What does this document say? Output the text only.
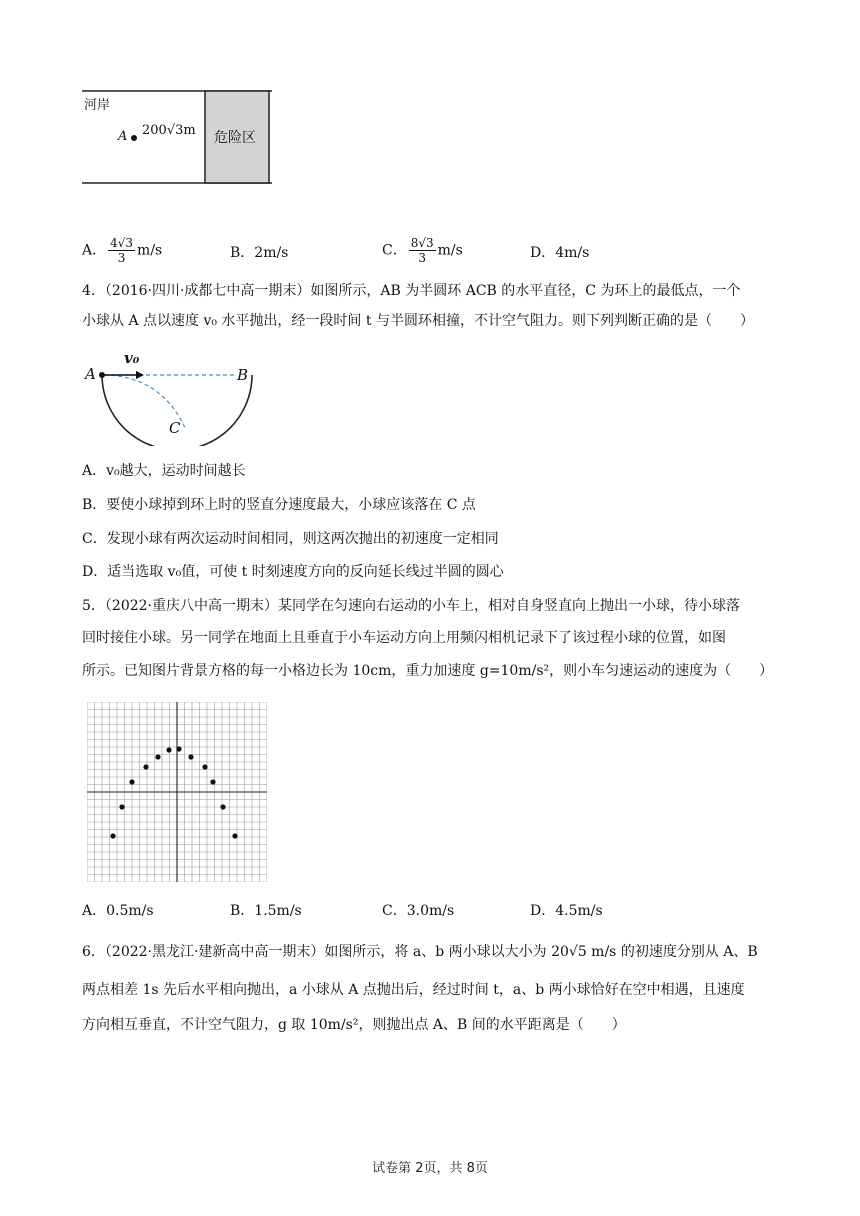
河岸
A 200√3m 危险区
A． $\frac{4√3}{3} m/s$	B．2m/s	C． $\frac{8√3}{3} m/s$	D．4m/s
4．（2016·四川·成都七中高一期末）如图所示，AB 为半圆环 ACB 的水平直径，C 为环上的最低点，一个
小球从 A 点以速度 v₀ 水平抛出，经一段时间 t 与半圆环相撞，不计空气阻力。则下列判断正确的是（　　）
A	B
C
v₀
A．v₀越大，运动时间越长
B．要使小球掉到环上时的竖直分速度最大，小球应该落在 C 点
C．发现小球有两次运动时间相同，则这两次抛出的初速度一定相同
D．适当选取 v₀值，可使 t 时刻速度方向的反向延长线过半圆的圆心
5．（2022·重庆八中高一期末）某同学在匀速向右运动的小车上，相对自身竖直向上抛出一小球，待小球落
回时接住小球。另一同学在地面上且垂直于小车运动方向上用频闪相机记录下了该过程小球的位置，如图
所示。已知图片背景方格的每一小格边长为 10cm，重力加速度 g=10m/s²，则小车匀速运动的速度为（　　）
A．0.5m/s	B．1.5m/s	C．3.0m/s	D．4.5m/s
6．（2022·黑龙江·建新高中高一期末）如图所示，将 a、b 两小球以大小为 20√5 m/s 的初速度分别从 A、B
两点相差 1s 先后水平相向抛出，a 小球从 A 点抛出后，经过时间 t，a、b 两小球恰好在空中相遇，且速度
方向相互垂直，不计空气阻力，g 取 10m/s²，则抛出点 A、B 间的水平距离是（　　）
试卷第 2页，共 8页
